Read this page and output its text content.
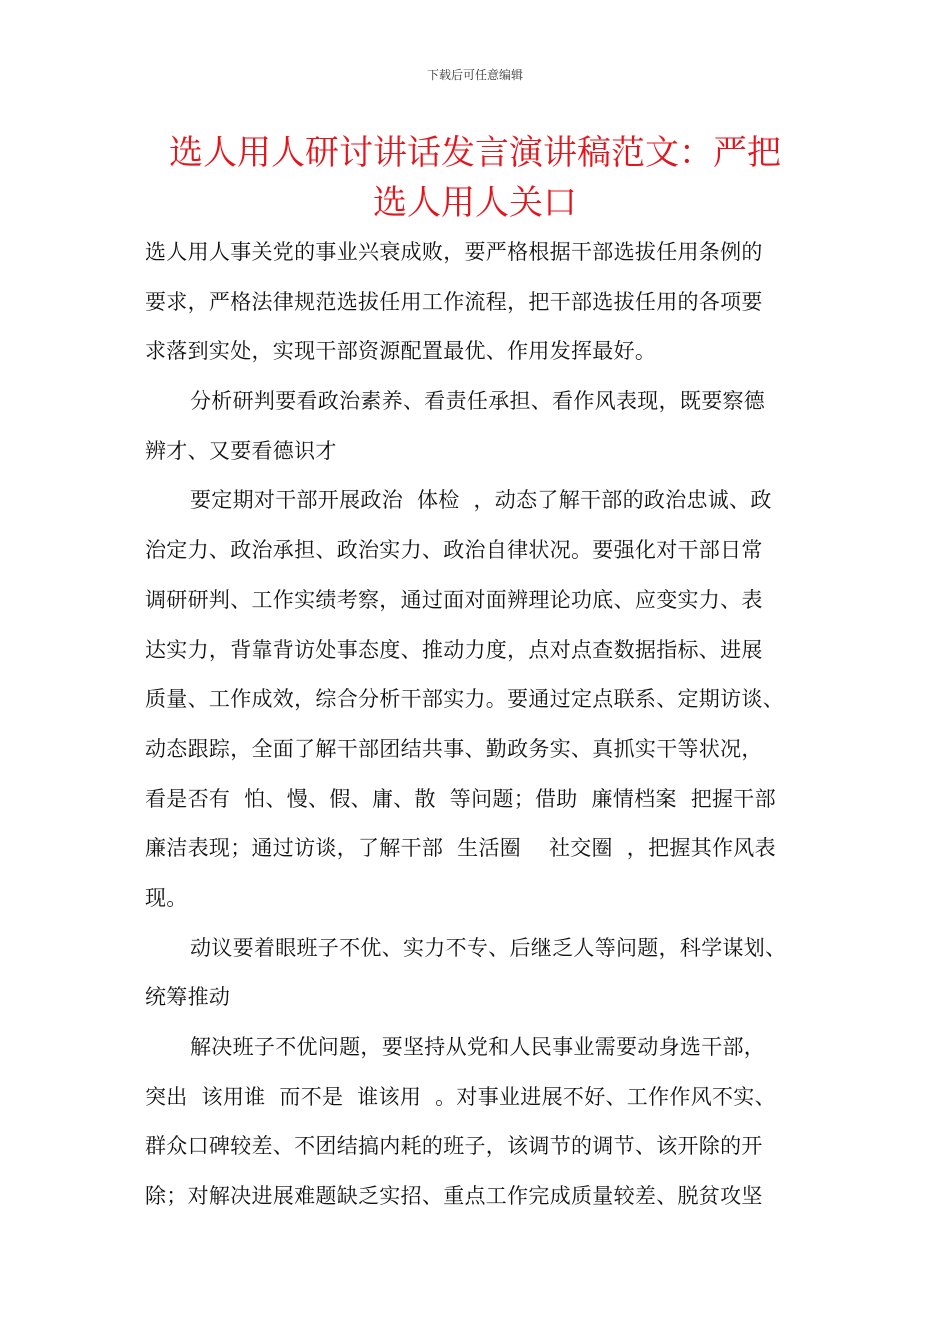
下载后可任意编辑
选人用人研讨讲话发言演讲稿范文：严把
选人用人关口
选人用人事关党的事业兴衰成败，要严格根据干部选拔任用条例的
要求，严格法律规范选拔任用工作流程，把干部选拔任用的各项要
求落到实处，实现干部资源配置最优、作用发挥最好。
分析研判要看政治素养、看责任承担、看作风表现，既要察德
辨才、又要看德识才
要定期对干部开展政治  体检  ，动态了解干部的政治忠诚、政
治定力、政治承担、政治实力、政治自律状况。要强化对干部日常
调研研判、工作实绩考察，通过面对面辨理论功底、应变实力、表
达实力，背靠背访处事态度、推动力度，点对点查数据指标、进展
质量、工作成效，综合分析干部实力。要通过定点联系、定期访谈、
动态跟踪，全面了解干部团结共事、勤政务实、真抓实干等状况，
看是否有  怕、慢、假、庸、散  等问题；借助  廉情档案  把握干部
廉洁表现；通过访谈，了解干部  生活圈    社交圈  ，把握其作风表
现。
动议要着眼班子不优、实力不专、后继乏人等问题，科学谋划、
统筹推动
解决班子不优问题，要坚持从党和人民事业需要动身选干部，
突出  该用谁  而不是  谁该用  。对事业进展不好、工作作风不实、
群众口碑较差、不团结搞内耗的班子，该调节的调节、该开除的开
除；对解决进展难题缺乏实招、重点工作完成质量较差、脱贫攻坚
